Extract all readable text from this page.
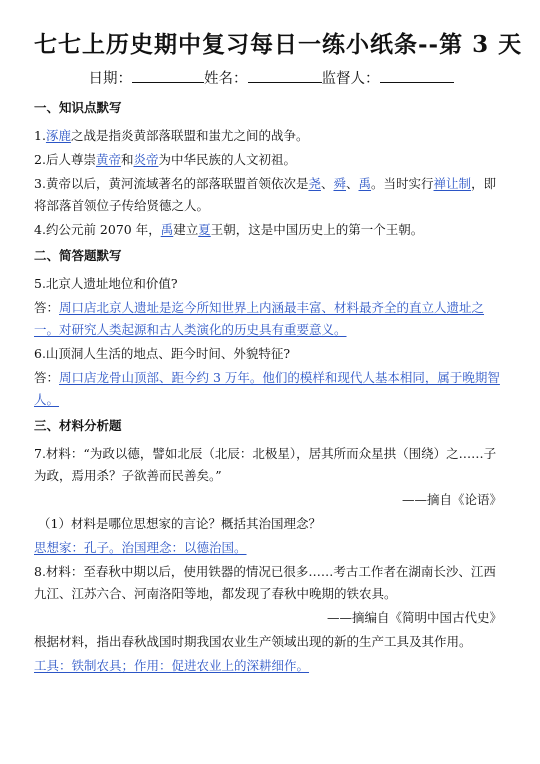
七七上历史期中复习每日一练小纸条--第 3 天
日期：	姓名：	监督人：
一、知识点默写

1.涿鹿之战是指炎黄部落联盟和蚩尤之间的战争。

2.后人尊崇黄帝和炎帝为中华民族的人文初祖。

3.黄帝以后，黄河流域著名的部落联盟首领依次是尧、舜、禹。当时实行禅让制，即将部落首领位子传给贤德之人。

4.约公元前 2070 年，禹建立夏王朝，这是中国历史上的第一个王朝。

二、简答题默写

5.北京人遗址地位和价值?

答：周口店北京人遗址是迄今所知世界上内涵最丰富、材料最齐全的直立人遗址之一。对研究人类起源和古人类演化的历史具有重要意义。

6.山顶洞人生活的地点、距今时间、外貌特征?

答：周口店龙骨山顶部、距今约 3 万年。他们的模样和现代人基本相同，属于晚期智人。

三、材料分析题

7.材料：“为政以德，譬如北辰（北辰：北极星），居其所而众星拱（围绕）之……子为政，焉用杀？子欲善而民善矣。”

——摘自《论语》

（1）材料是哪位思想家的言论？概括其治国理念？

思想家：孔子。治国理念：以德治国。

8.材料：至春秋中期以后，使用铁器的情况已很多……考古工作者在湖南长沙、江西九江、江苏六合、河南洛阳等地，都发现了春秋中晚期的铁农具。

——摘编自《简明中国古代史》

根据材料，指出春秋战国时期我国农业生产领域出现的新的生产工具及其作用。

工具：铁制农具；作用：促进农业上的深耕细作。
